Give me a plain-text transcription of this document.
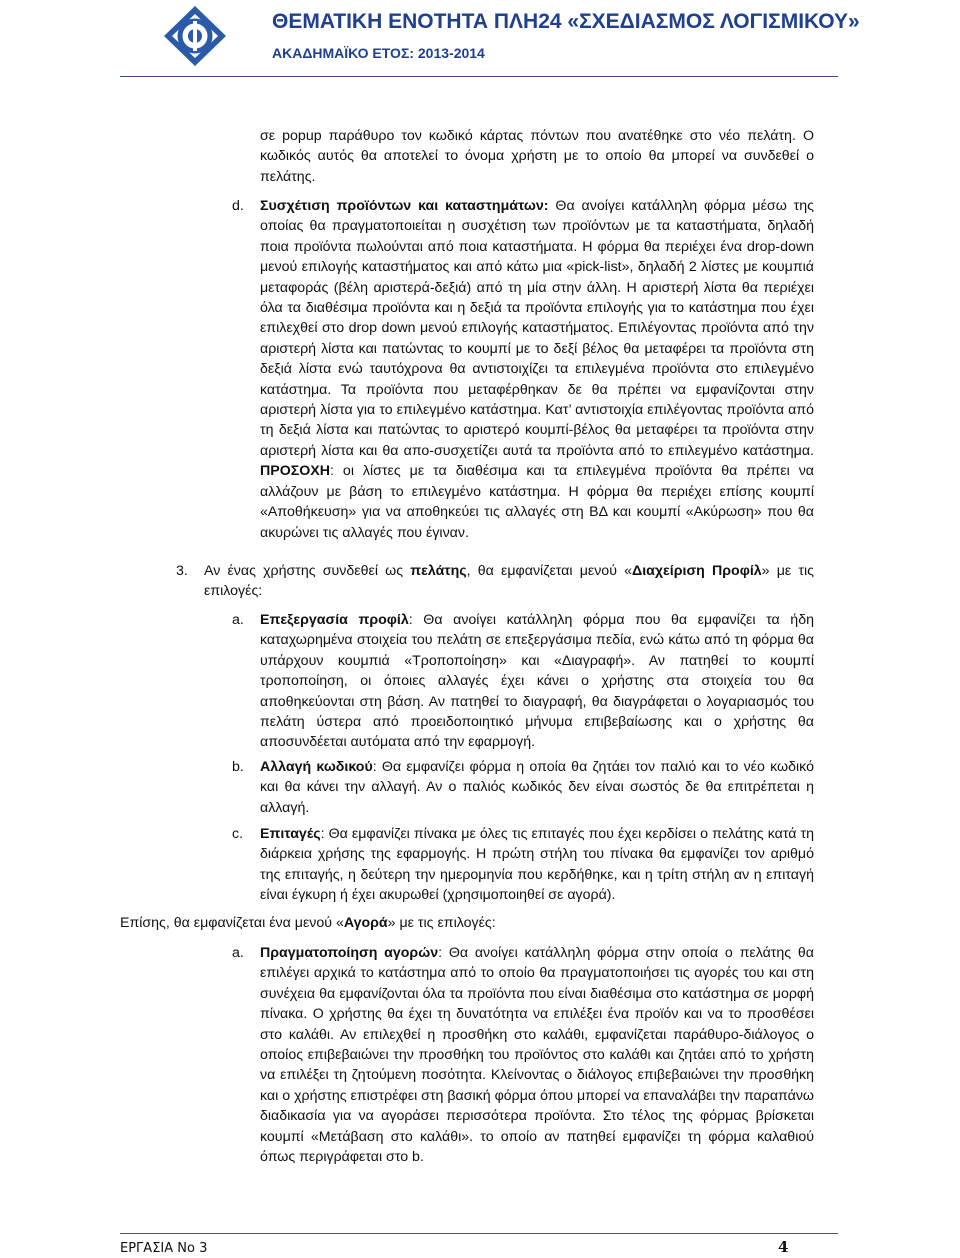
ΘΕΜΑΤΙΚΗ ΕΝΟΤΗΤΑ ΠΛΗ24 «ΣΧΕΔΙΑΣΜΟΣ ΛΟΓΙΣΜΙΚΟΥ»
ΑΚΑΔΗΜΑΪΚΟ ΕΤΟΣ: 2013-2014

σε popup παράθυρο τον κωδικό κάρτας πόντων που ανατέθηκε στο νέο πελάτη. Ο κωδικός αυτός θα αποτελεί το όνομα χρήστη με το οποίο θα μπορεί να συνδεθεί ο πελάτης.

d. Συσχέτιση προϊόντων και καταστημάτων: Θα ανοίγει κατάλληλη φόρμα μέσω της οποίας θα πραγματοποιείται η συσχέτιση των προϊόντων με τα καταστήματα, δηλαδή ποια προϊόντα πωλούνται από ποια καταστήματα. Η φόρμα θα περιέχει ένα drop-down μενού επιλογής καταστήματος και από κάτω μια «pick-list», δηλαδή 2 λίστες με κουμπιά μεταφοράς (βέλη αριστερά-δεξιά) από τη μία στην άλλη. Η αριστερή λίστα θα περιέχει όλα τα διαθέσιμα προϊόντα και η δεξιά τα προϊόντα επιλογής για το κατάστημα που έχει επιλεχθεί στο drop down μενού επιλογής καταστήματος. Επιλέγοντας προϊόντα από την αριστερή λίστα και πατώντας το κουμπί με το δεξί βέλος θα μεταφέρει τα προϊόντα στη δεξιά λίστα ενώ ταυτόχρονα θα αντιστοιχίζει τα επιλεγμένα προϊόντα στο επιλεγμένο κατάστημα. Τα προϊόντα που μεταφέρθηκαν δε θα πρέπει να εμφανίζονται στην αριστερή λίστα για το επιλεγμένο κατάστημα. Κατ’ αντιστοιχία επιλέγοντας προϊόντα από τη δεξιά λίστα και πατώντας το αριστερό κουμπί-βέλος θα μεταφέρει τα προϊόντα στην αριστερή λίστα και θα απο-συσχετίζει αυτά τα προϊόντα από το επιλεγμένο κατάστημα. ΠΡΟΣΟΧΗ: οι λίστες με τα διαθέσιμα και τα επιλεγμένα προϊόντα θα πρέπει να αλλάζουν με βάση το επιλεγμένο κατάστημα. Η φόρμα θα περιέχει επίσης κουμπί «Αποθήκευση» για να αποθηκεύει τις αλλαγές στη ΒΔ και κουμπί «Ακύρωση» που θα ακυρώνει τις αλλαγές που έγιναν.

3. Αν ένας χρήστης συνδεθεί ως πελάτης, θα εμφανίζεται μενού «Διαχείριση Προφίλ» με τις επιλογές:

a. Επεξεργασία προφίλ: Θα ανοίγει κατάλληλη φόρμα που θα εμφανίζει τα ήδη καταχωρημένα στοιχεία του πελάτη σε επεξεργάσιμα πεδία, ενώ κάτω από τη φόρμα θα υπάρχουν κουμπιά «Τροποποίηση» και «Διαγραφή». Αν πατηθεί το κουμπί τροποποίηση, οι όποιες αλλαγές έχει κάνει ο χρήστης στα στοιχεία του θα αποθηκεύονται στη βάση. Αν πατηθεί το διαγραφή, θα διαγράφεται ο λογαριασμός του πελάτη ύστερα από προειδοποιητικό μήνυμα επιβεβαίωσης και ο χρήστης θα αποσυνδέεται αυτόματα από την εφαρμογή.

b. Αλλαγή κωδικού: Θα εμφανίζει φόρμα η οποία θα ζητάει τον παλιό και το νέο κωδικό και θα κάνει την αλλαγή. Αν ο παλιός κωδικός δεν είναι σωστός δε θα επιτρέπεται η αλλαγή.

c. Επιταγές: Θα εμφανίζει πίνακα με όλες τις επιταγές που έχει κερδίσει ο πελάτης κατά τη διάρκεια χρήσης της εφαρμογής. Η πρώτη στήλη του πίνακα θα εμφανίζει τον αριθμό της επιταγής, η δεύτερη την ημερομηνία που κερδήθηκε, και η τρίτη στήλη αν η επιταγή είναι έγκυρη ή έχει ακυρωθεί (χρησιμοποιηθεί σε αγορά).

Επίσης, θα εμφανίζεται ένα μενού «Αγορά» με τις επιλογές:

a. Πραγματοποίηση αγορών: Θα ανοίγει κατάλληλη φόρμα στην οποία ο πελάτης θα επιλέγει αρχικά το κατάστημα από το οποίο θα πραγματοποιήσει τις αγορές του και στη συνέχεια θα εμφανίζονται όλα τα προϊόντα που είναι διαθέσιμα στο κατάστημα σε μορφή πίνακα. Ο χρήστης θα έχει τη δυνατότητα να επιλέξει ένα προϊόν και να το προσθέσει στο καλάθι. Αν επιλεχθεί η προσθήκη στο καλάθι, εμφανίζεται παράθυρο-διάλογος ο οποίος επιβεβαιώνει την προσθήκη του προϊόντος στο καλάθι και ζητάει από το χρήστη να επιλέξει τη ζητούμενη ποσότητα. Κλείνοντας ο διάλογος επιβεβαιώνει την προσθήκη και ο χρήστης επιστρέφει στη βασική φόρμα όπου μπορεί να επαναλάβει την παραπάνω διαδικασία για να αγοράσει περισσότερα προϊόντα. Στο τέλος της φόρμας βρίσκεται κουμπί «Μετάβαση στο καλάθι». το οποίο αν πατηθεί εμφανίζει τη φόρμα καλαθιού όπως περιγράφεται στο b.

ΕΡΓΑΣΙΑ Νο 3	4
